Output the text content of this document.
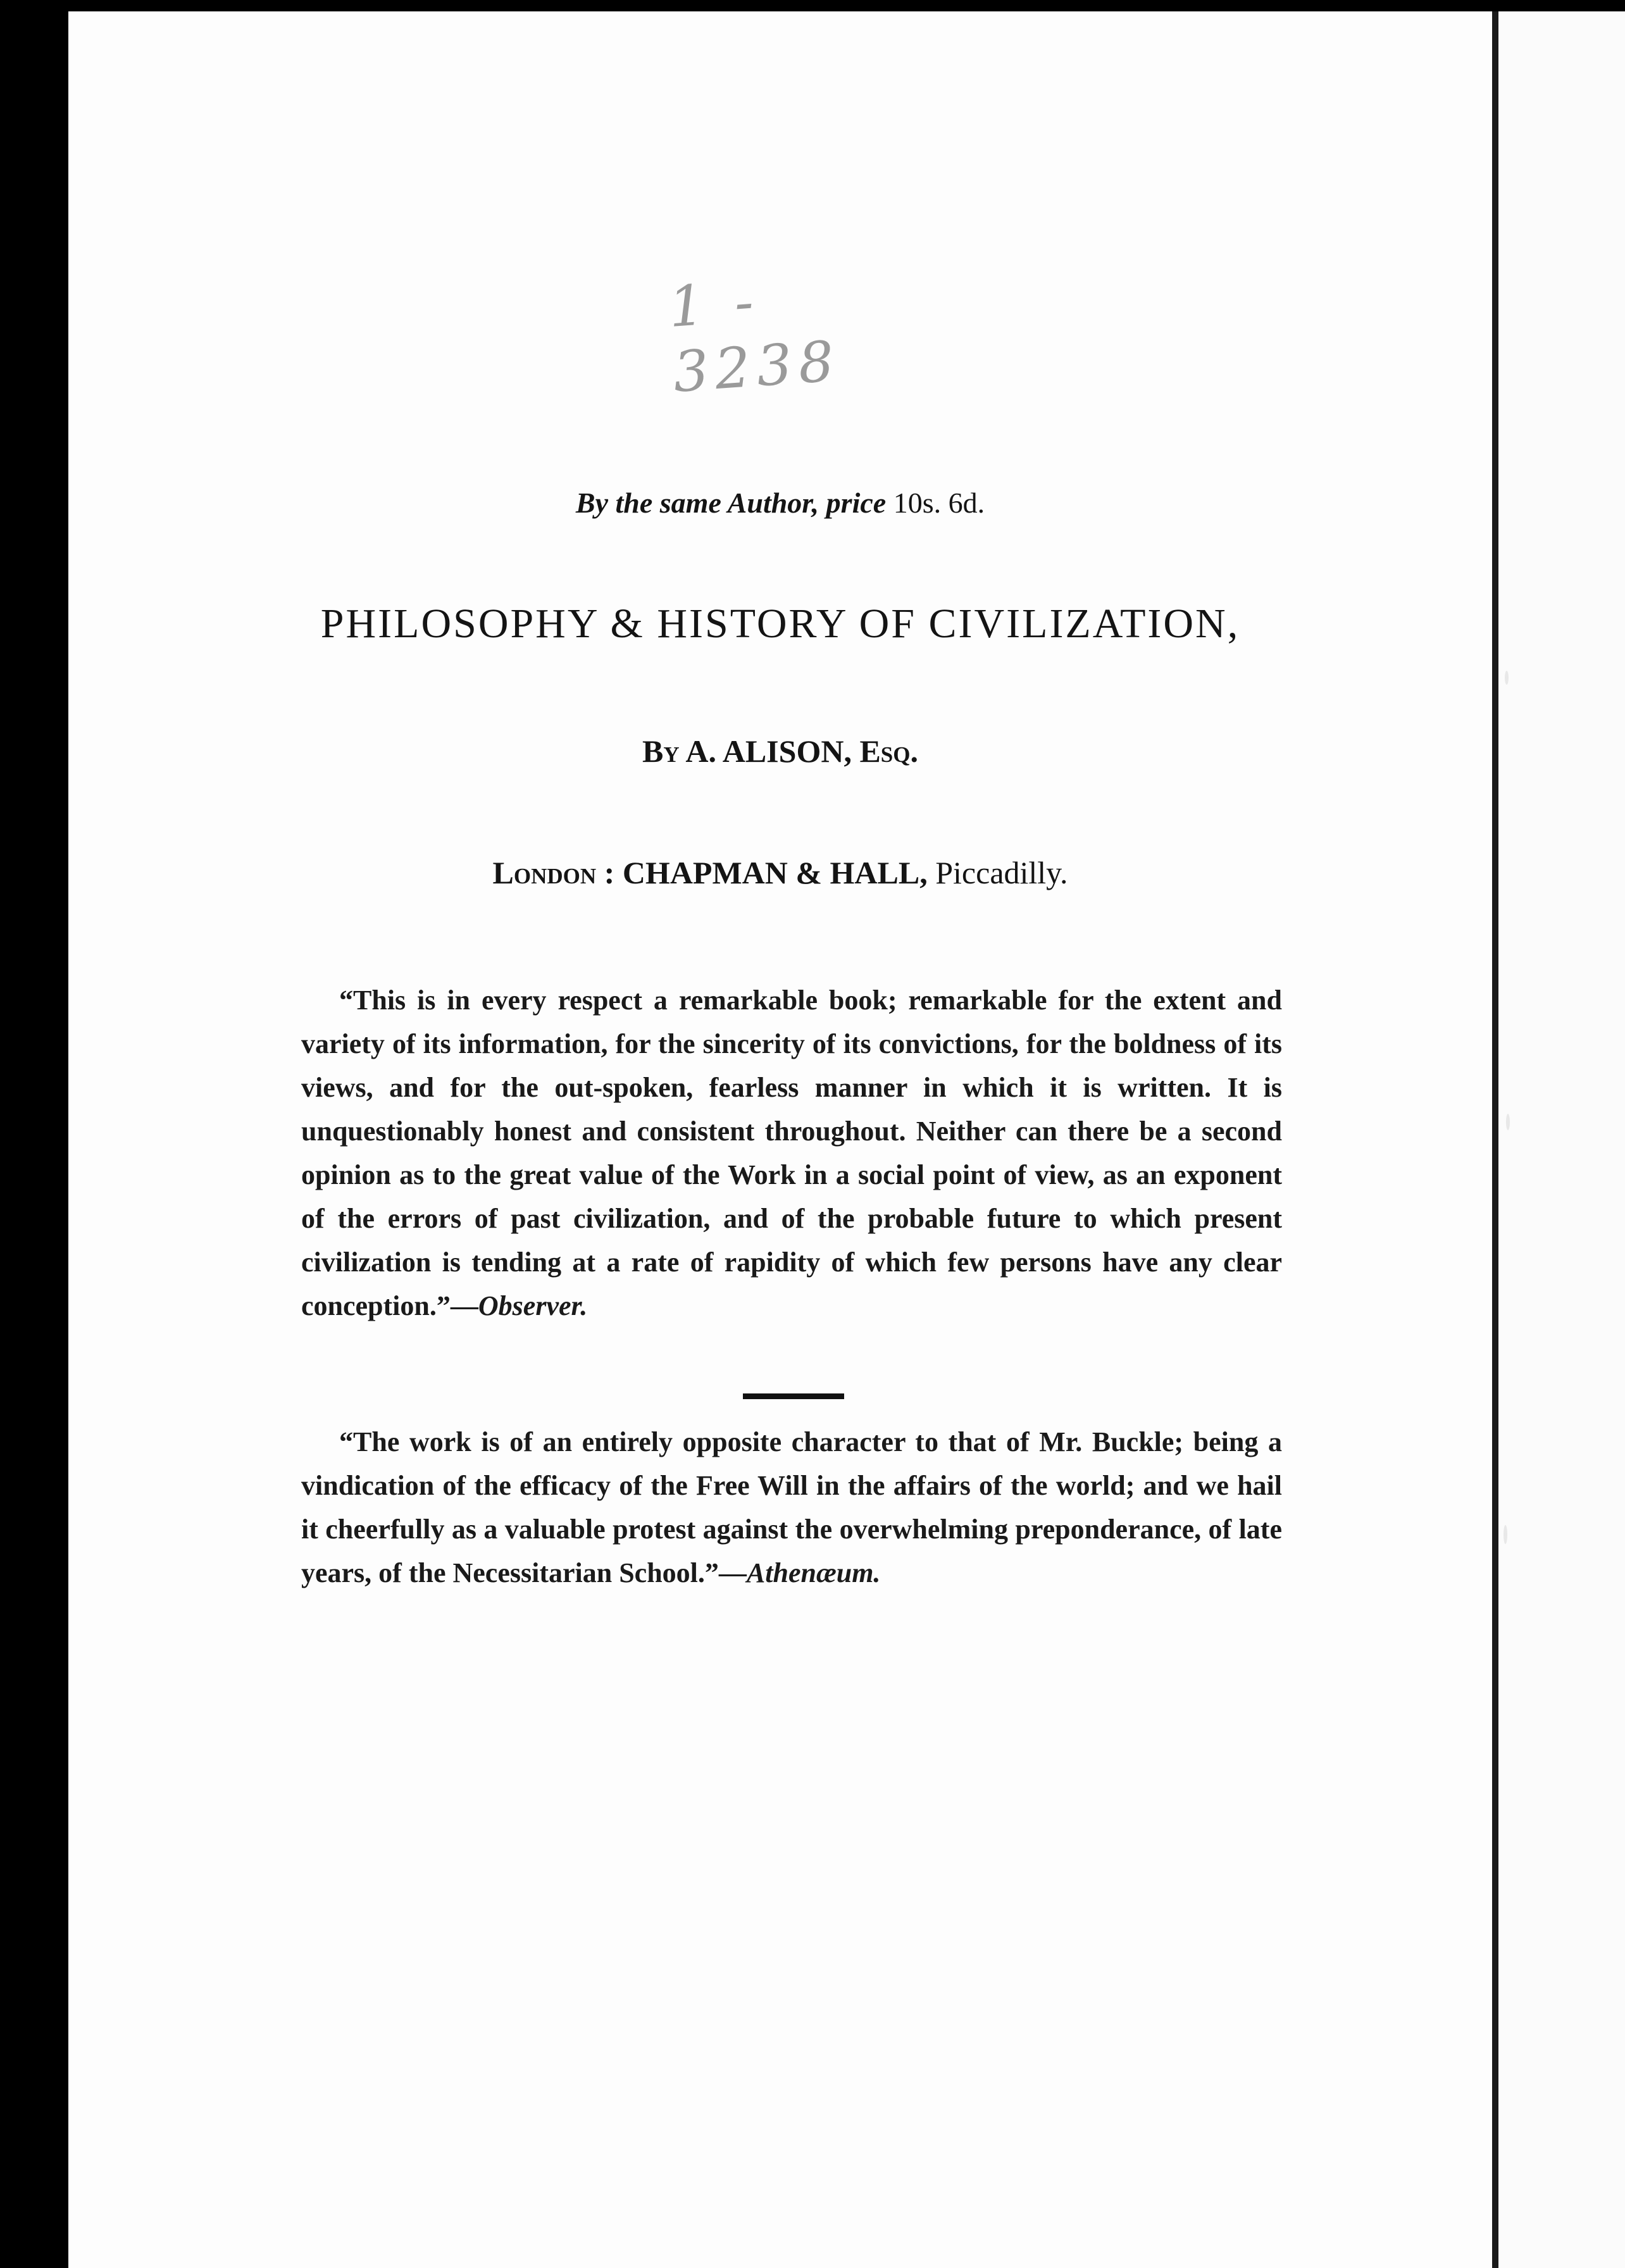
1 - 3238
By the same Author, price 10s. 6d.
PHILOSOPHY & HISTORY OF CIVILIZATION,
By A. ALISON, Esq.
London : CHAPMAN & HALL, Piccadilly.
“This is in every respect a remarkable book; remarkable for the extent and variety of its information, for the sincerity of its convictions, for the boldness of its views, and for the out-spoken, fearless manner in which it is written. It is unquestionably honest and consistent throughout. Neither can there be a second opinion as to the great value of the Work in a social point of view, as an exponent of the errors of past civilization, and of the probable future to which present civilization is tending at a rate of rapidity of which few persons have any clear conception.”—Observer.
“The work is of an entirely opposite character to that of Mr. Buckle; being a vindication of the efficacy of the Free Will in the affairs of the world; and we hail it cheerfully as a valuable protest against the overwhelming preponderance, of late years, of the Necessitarian School.”—Athenæum.
